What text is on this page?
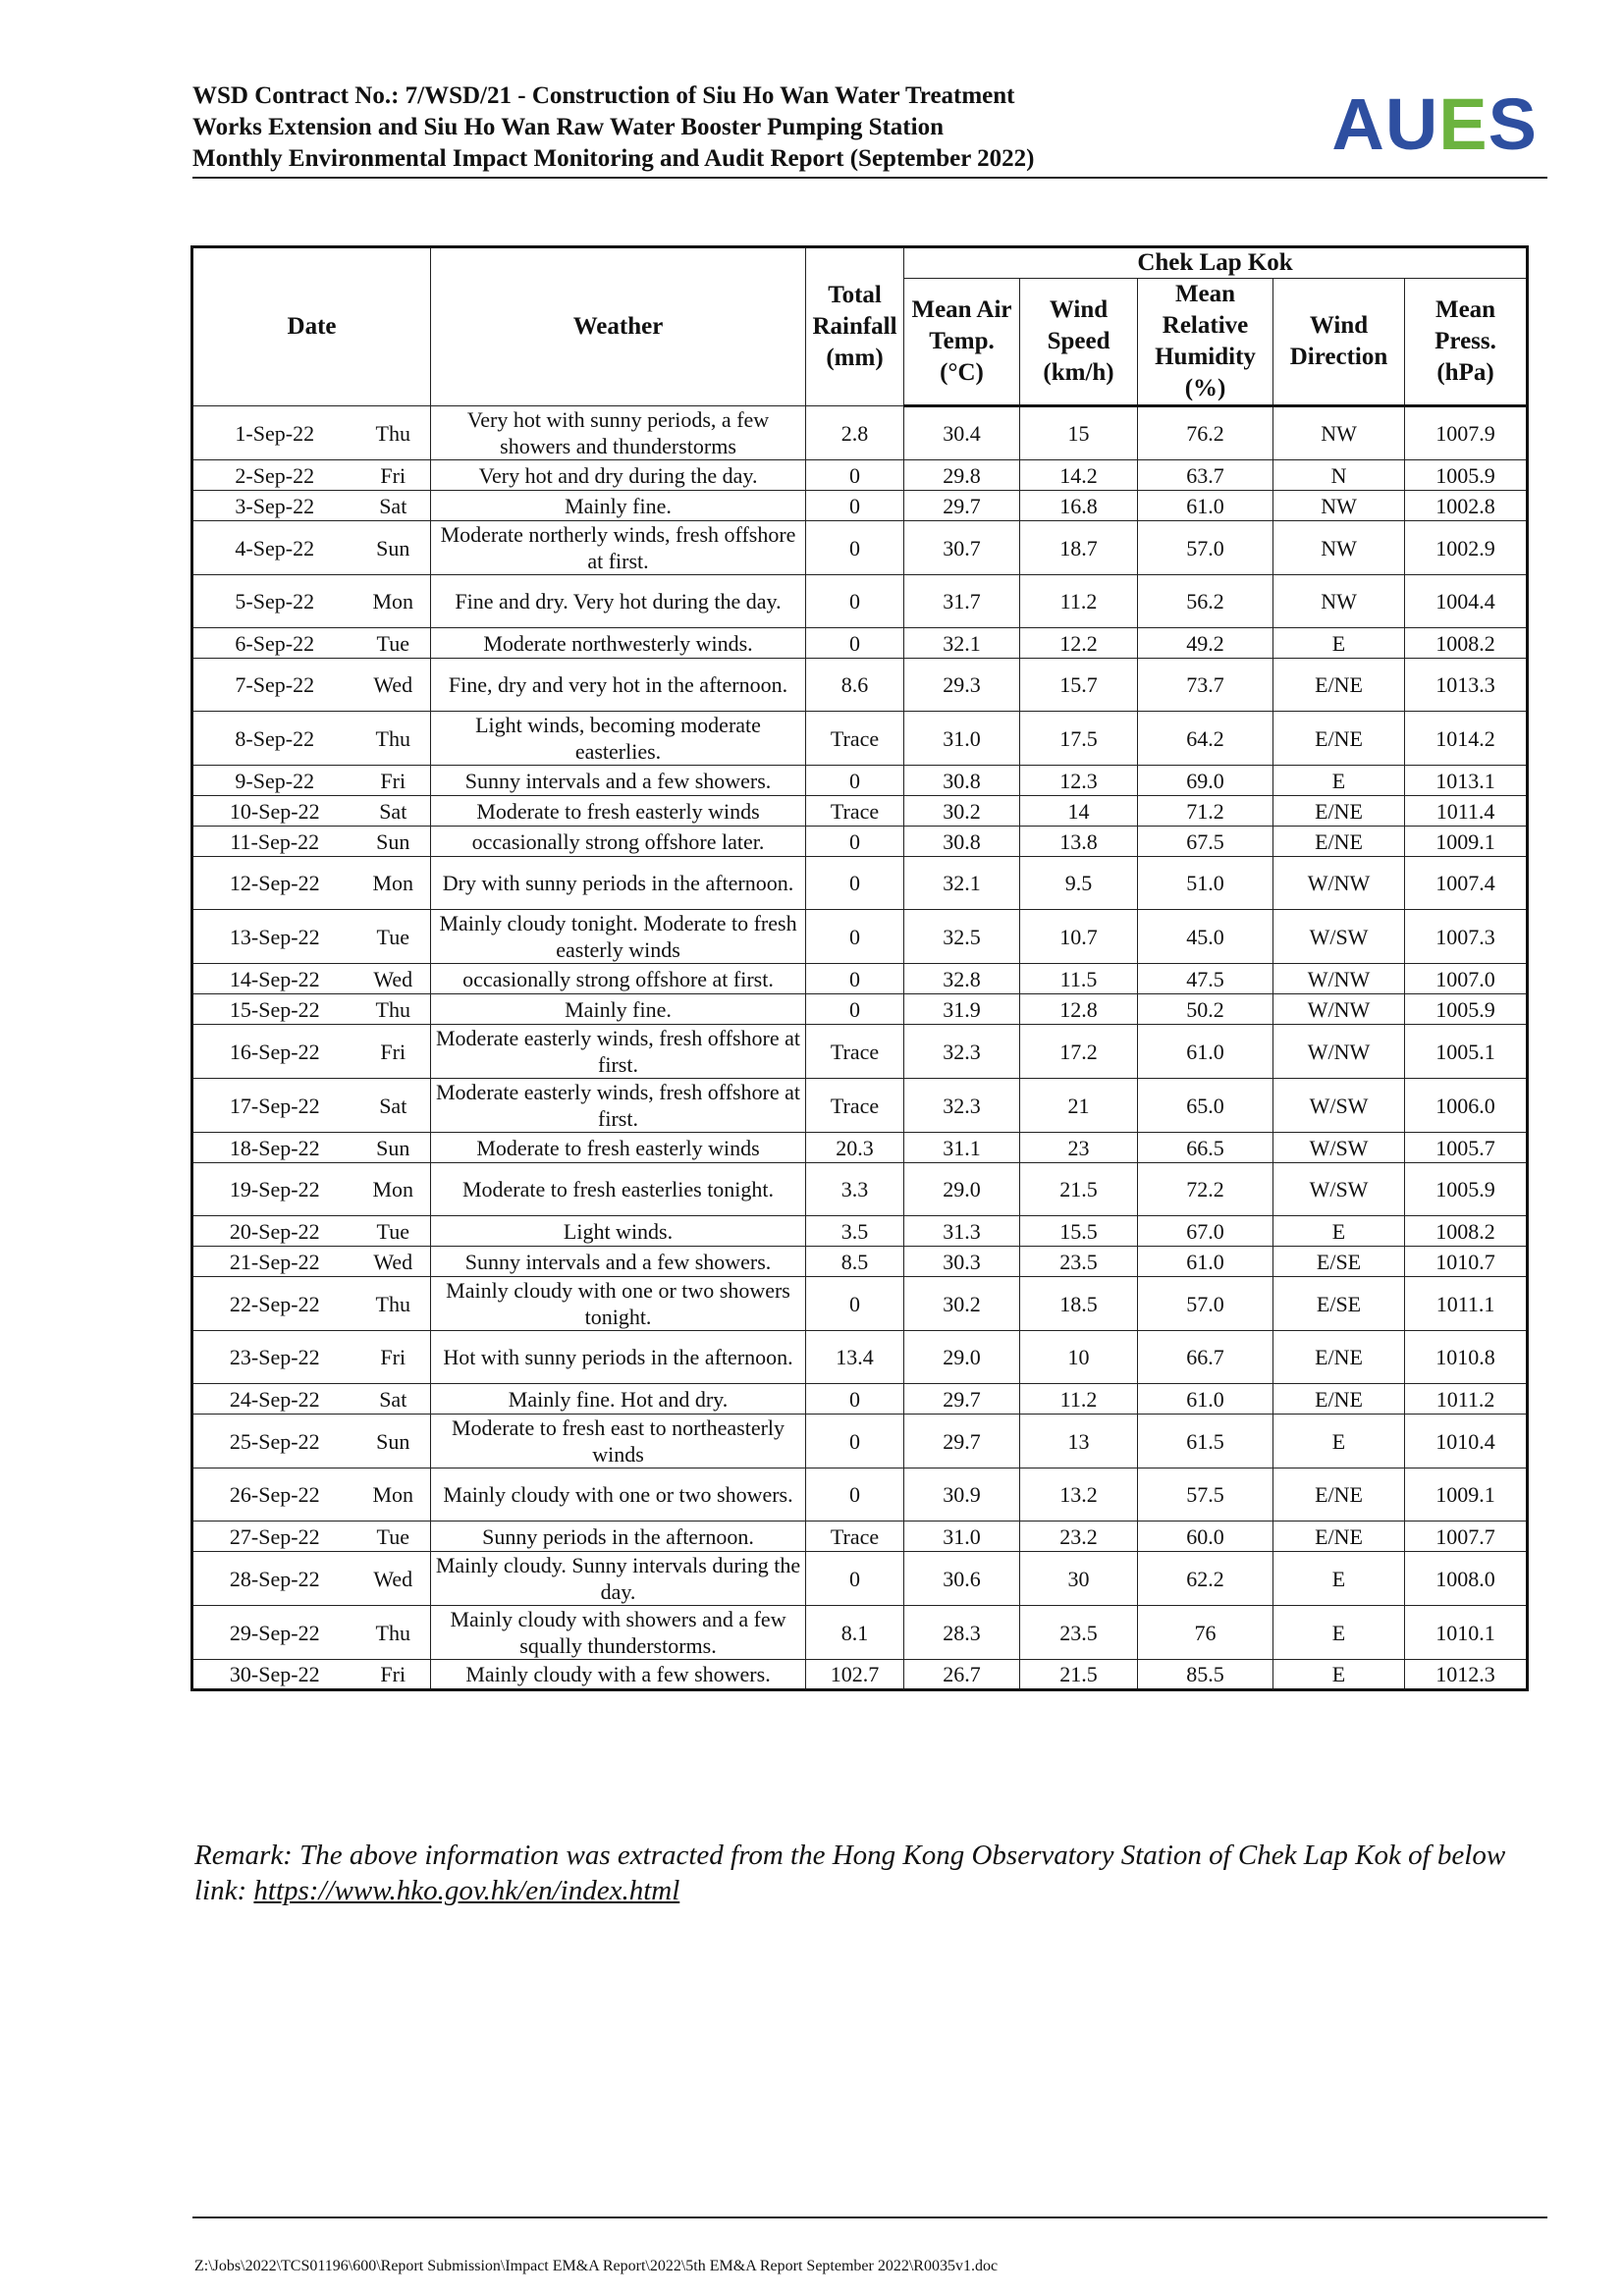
WSD Contract No.: 7/WSD/21 - Construction of Siu Ho Wan Water Treatment
Works Extension and Siu Ho Wan Raw Water Booster Pumping Station
Monthly Environmental Impact Monitoring and Audit Report (September 2022)	AUES
Date		Weather	Total Rainfall (mm)	Chek Lap Kok				
				Mean Air Temp. (°C)	Wind Speed (km/h)	Mean Relative Humidity (%)	Wind Direction	Mean Press. (hPa)
1-Sep-22	Thu	Very hot with sunny periods, a few showers and thunderstorms	2.8	30.4	15	76.2	NW	1007.9
2-Sep-22	Fri	Very hot and dry during the day.	0	29.8	14.2	63.7	N	1005.9
3-Sep-22	Sat	Mainly fine.	0	29.7	16.8	61.0	NW	1002.8
4-Sep-22	Sun	Moderate northerly winds, fresh offshore at first.	0	30.7	18.7	57.0	NW	1002.9
5-Sep-22	Mon	Fine and dry. Very hot during the day.	0	31.7	11.2	56.2	NW	1004.4
6-Sep-22	Tue	Moderate northwesterly winds.	0	32.1	12.2	49.2	E	1008.2
7-Sep-22	Wed	Fine, dry and very hot in the afternoon.	8.6	29.3	15.7	73.7	E/NE	1013.3
8-Sep-22	Thu	Light winds, becoming moderate easterlies.	Trace	31.0	17.5	64.2	E/NE	1014.2
9-Sep-22	Fri	Sunny intervals and a few showers.	0	30.8	12.3	69.0	E	1013.1
10-Sep-22	Sat	Moderate to fresh easterly winds	Trace	30.2	14	71.2	E/NE	1011.4
11-Sep-22	Sun	occasionally strong offshore later.	0	30.8	13.8	67.5	E/NE	1009.1
12-Sep-22	Mon	Dry with sunny periods in the afternoon.	0	32.1	9.5	51.0	W/NW	1007.4
13-Sep-22	Tue	Mainly cloudy tonight. Moderate to fresh easterly winds	0	32.5	10.7	45.0	W/SW	1007.3
14-Sep-22	Wed	occasionally strong offshore at first.	0	32.8	11.5	47.5	W/NW	1007.0
15-Sep-22	Thu	Mainly fine.	0	31.9	12.8	50.2	W/NW	1005.9
16-Sep-22	Fri	Moderate easterly winds, fresh offshore at first.	Trace	32.3	17.2	61.0	W/NW	1005.1
17-Sep-22	Sat	Moderate easterly winds, fresh offshore at first.	Trace	32.3	21	65.0	W/SW	1006.0
18-Sep-22	Sun	Moderate to fresh easterly winds	20.3	31.1	23	66.5	W/SW	1005.7
19-Sep-22	Mon	Moderate to fresh easterlies tonight.	3.3	29.0	21.5	72.2	W/SW	1005.9
20-Sep-22	Tue	Light winds.	3.5	31.3	15.5	67.0	E	1008.2
21-Sep-22	Wed	Sunny intervals and a few showers.	8.5	30.3	23.5	61.0	E/SE	1010.7
22-Sep-22	Thu	Mainly cloudy with one or two showers tonight.	0	30.2	18.5	57.0	E/SE	1011.1
23-Sep-22	Fri	Hot with sunny periods in the afternoon.	13.4	29.0	10	66.7	E/NE	1010.8
24-Sep-22	Sat	Mainly fine. Hot and dry.	0	29.7	11.2	61.0	E/NE	1011.2
25-Sep-22	Sun	Moderate to fresh east to northeasterly winds	0	29.7	13	61.5	E	1010.4
26-Sep-22	Mon	Mainly cloudy with one or two showers.	0	30.9	13.2	57.5	E/NE	1009.1
27-Sep-22	Tue	Sunny periods in the afternoon.	Trace	31.0	23.2	60.0	E/NE	1007.7
28-Sep-22	Wed	Mainly cloudy. Sunny intervals during the day.	0	30.6	30	62.2	E	1008.0
29-Sep-22	Thu	Mainly cloudy with showers and a few squally thunderstorms.	8.1	28.3	23.5	76	E	1010.1
30-Sep-22	Fri	Mainly cloudy with a few showers.	102.7	26.7	21.5	85.5	E	1012.3
Remark: The above information was extracted from the Hong Kong Observatory Station of Chek Lap Kok of below link: https://www.hko.gov.hk/en/index.html
Z:\Jobs\2022\TCS01196\600\Report Submission\Impact EM&A Report\2022\5th EM&A Report September 2022\R0035v1.doc
